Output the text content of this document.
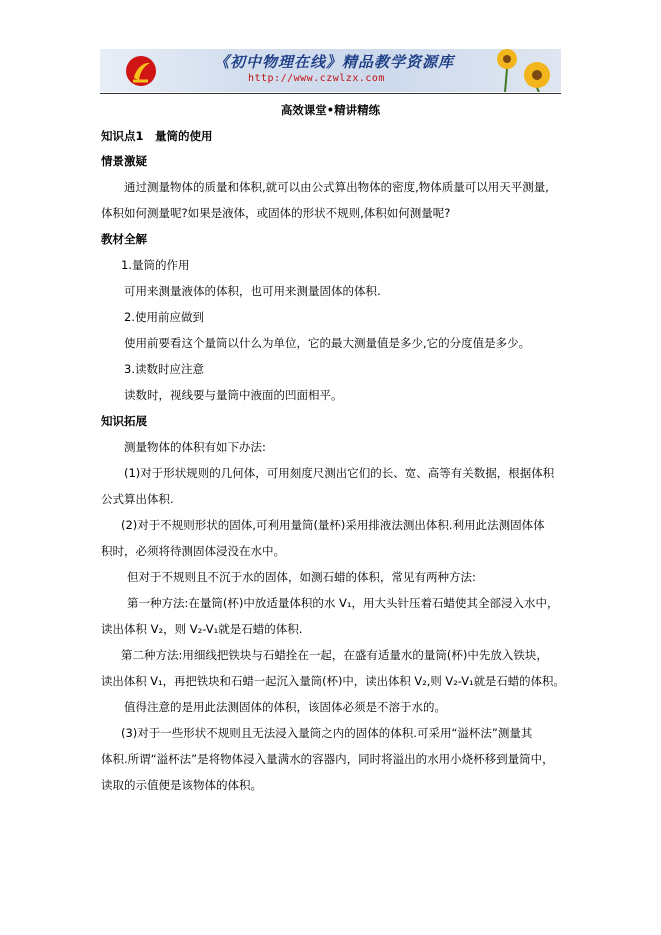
《初中物理在线》精品教学资源库
http://www.czwlzx.com
高效课堂•精讲精练
知识点1　量筒的使用
情景激疑
通过测量物体的质量和体积,就可以由公式算出物体的密度,物体质量可以用天平测量,
体积如何测量呢?如果是液体，或固体的形状不规则,体积如何测量呢?
教材全解
1.量筒的作用
可用来测量液体的体积，也可用来测量固体的体积.
2.使用前应做到
使用前要看这个量筒以什么为单位，它的最大测量值是多少,它的分度值是多少。
3.读数时应注意
读数时，视线要与量筒中液面的凹面相平。
知识拓展
测量物体的体积有如下办法:
(1)对于形状规则的几何体，可用刻度尺测出它们的长、宽、高等有关数据，根据体积
公式算出体积.
(2)对于不规则形状的固体,可利用量筒(量杯)采用排液法测出体积.利用此法测固体体
积时，必须将待测固体浸没在水中。
但对于不规则且不沉于水的固体，如测石蜡的体积，常见有两种方法:
第一种方法:在量筒(杯)中放适量体积的水 V₁，用大头针压着石蜡使其全部浸入水中，
读出体积 V₂，则 V₂-V₁就是石蜡的体积.
第二种方法:用细线把铁块与石蜡拴在一起，在盛有适量水的量筒(杯)中先放入铁块，
读出体积 V₁，再把铁块和石蜡一起沉入量筒(杯)中，读出体积 V₂,则 V₂-V₁就是石蜡的体积。
值得注意的是用此法测固体的体积，该固体必须是不溶于水的。
(3)对于一些形状不规则且无法浸入量筒之内的固体的体积.可采用“溢杯法”测量其
体积.所谓“溢杯法”是将物体浸入量满水的容器内，同时将溢出的水用小烧杯移到量筒中，
读取的示值便是该物体的体积。
